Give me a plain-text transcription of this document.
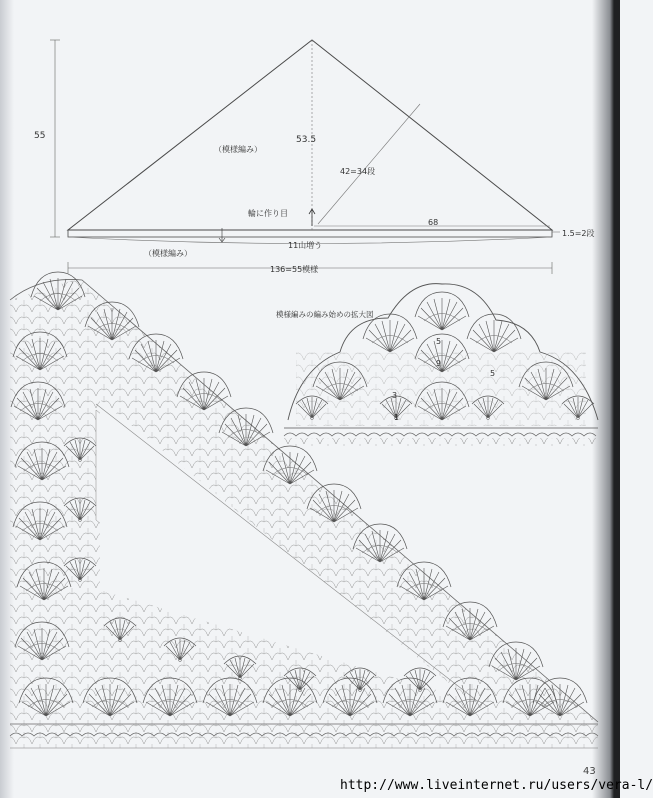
55	53.5
（模様編み）
42=34段
輪に作り目
68
11山増う
（模様編み）
1.5=2段
136=55模様
模様編みの編み始めの拡大図
5
9
5
3
1
43
http://www.liveinternet.ru/users/vera-l/
